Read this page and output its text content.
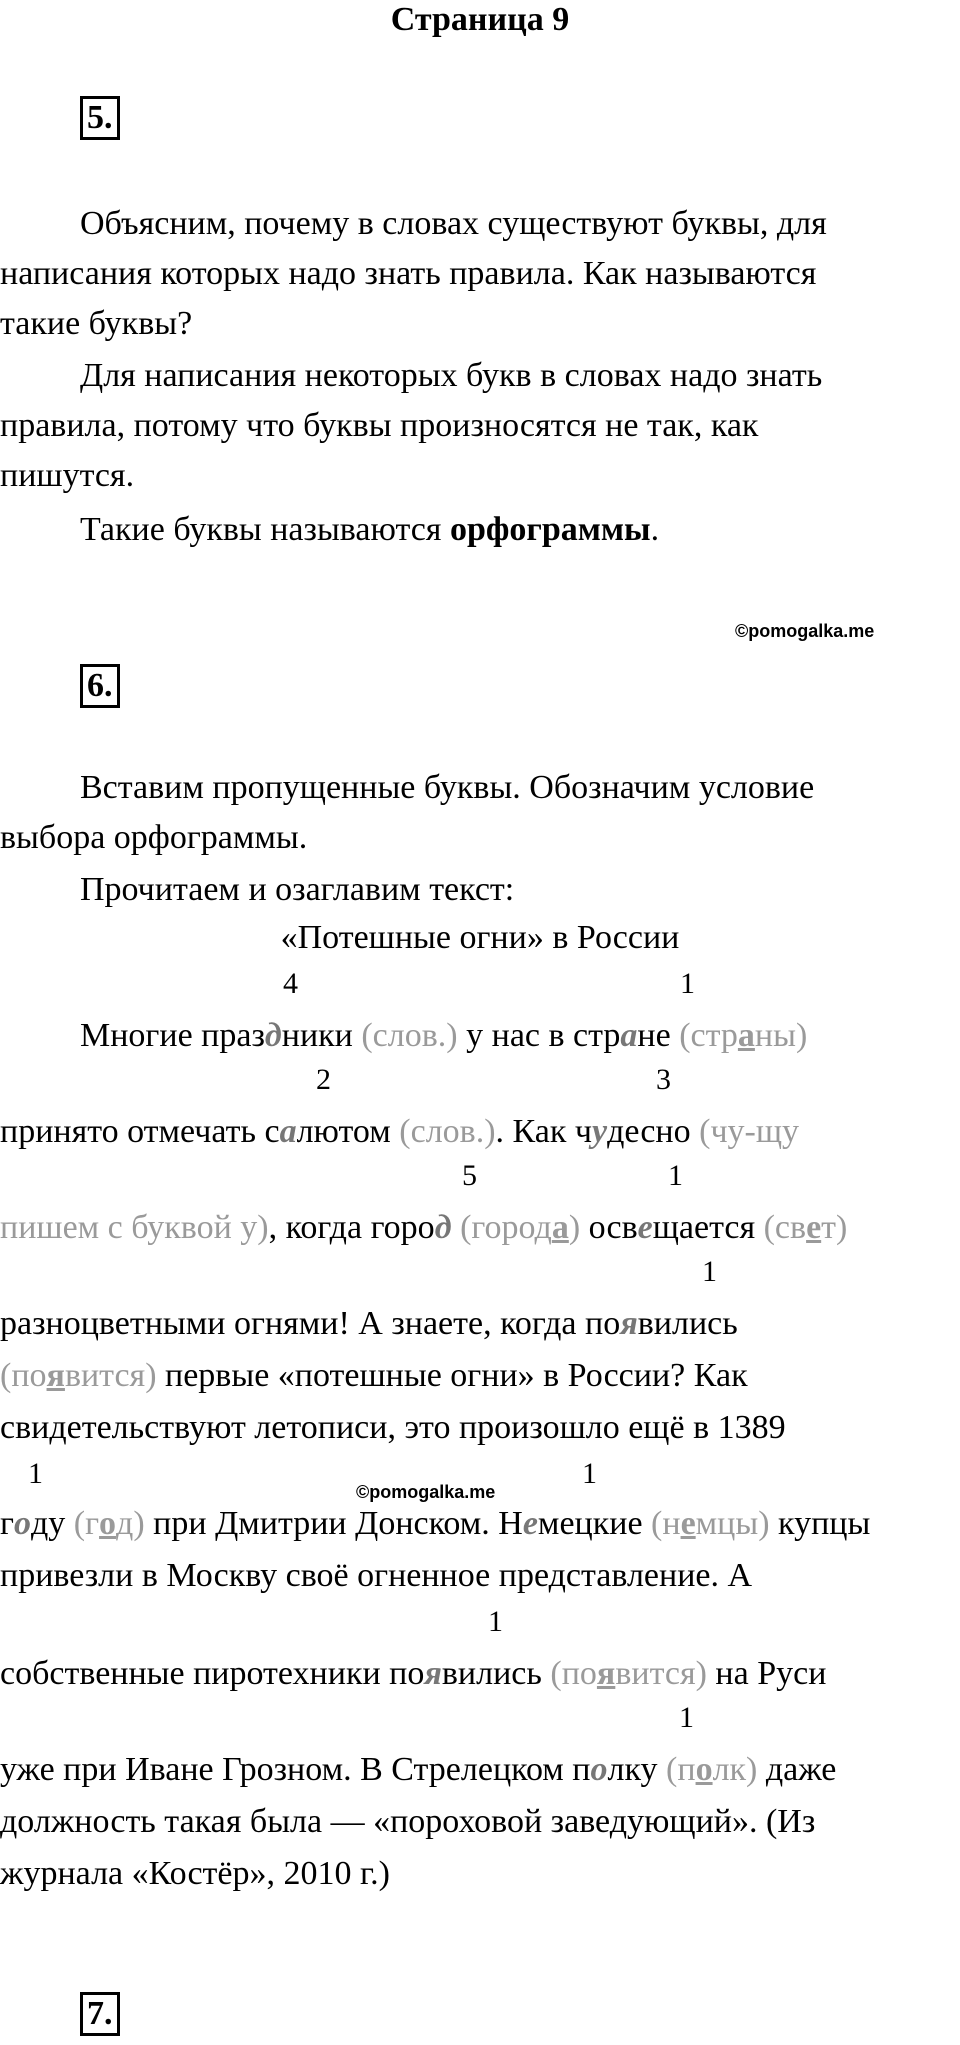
Страница 9
5.
Объясним, почему в словах существуют буквы, для
написания которых надо знать правила. Как называются
такие буквы?
Для написания некоторых букв в словах надо знать
правила, потому что буквы произносятся не так, как
пишутся.
Такие буквы называются орфограммы.
©pomogalka.me
6.
Вставим пропущенные буквы. Обозначим условие
выбора орфограммы.
Прочитаем и озаглавим текст:
«Потешные огни» в России
4	1
Многие праздники (слов.) у нас в стране (страны)
2	3
принято отмечать салютом (слов.). Как чудесно (чу-щу
5	1
пишем с буквой у), когда город (города) освещается (свет)
1
разноцветными огнями! А знаете, когда появились
(появится) первые «потешные огни» в России? Как
свидетельствуют летописи, это произошло ещё в 1389
1	1
©pomogalka.me
году (год) при Дмитрии Донском. Немецкие (немцы) купцы
привезли в Москву своё огненное представление. А
1
собственные пиротехники появились (появится) на Руси
1
уже при Иване Грозном. В Стрелецком полку (полк) даже
должность такая была — «пороховой заведующий». (Из
журнала «Костёр», 2010 г.)
7.
